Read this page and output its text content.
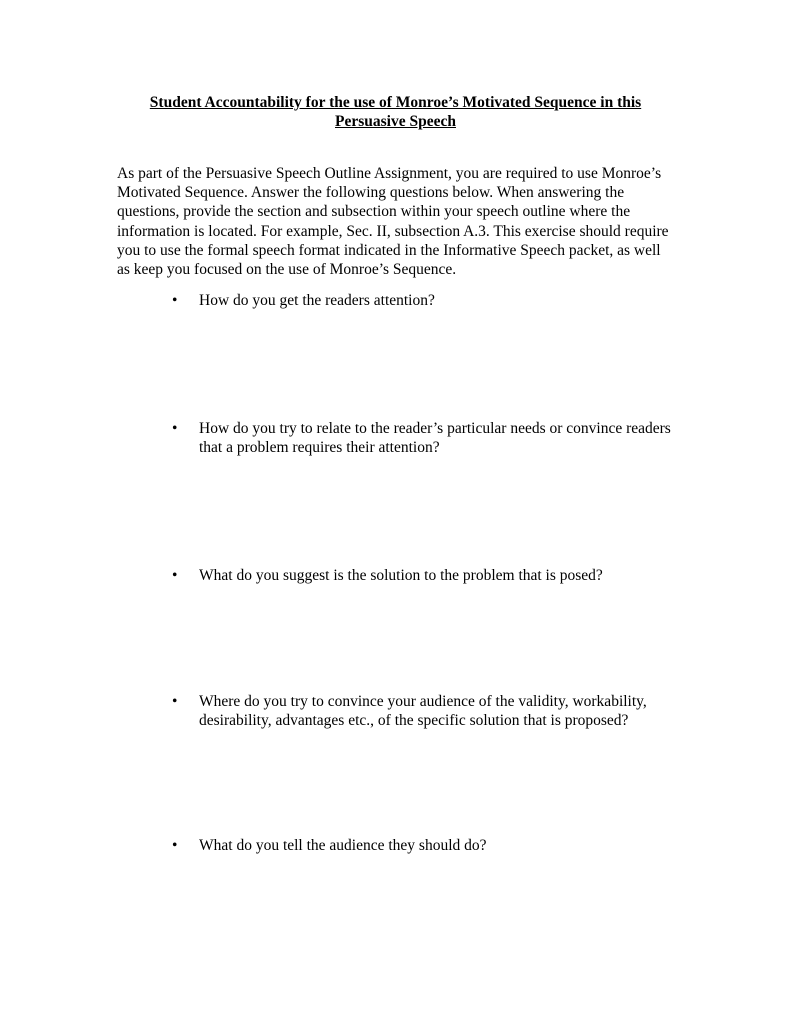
Student Accountability for the use of Monroe’s Motivated Sequence in this
Persuasive Speech

As part of the Persuasive Speech Outline Assignment, you are required to use Monroe’s Motivated Sequence. Answer the following questions below. When answering the questions, provide the section and subsection within your speech outline where the information is located. For example, Sec. II, subsection A.3. This exercise should require you to use the formal speech format indicated in the Informative Speech packet, as well as keep you focused on the use of Monroe’s Sequence.

•	How do you get the readers attention?
•	How do you try to relate to the reader’s particular needs or convince readers that a problem requires their attention?
•	What do you suggest is the solution to the problem that is posed?
•	Where do you try to convince your audience of the validity, workability, desirability, advantages etc., of the specific solution that is proposed?
•	What do you tell the audience they should do?
